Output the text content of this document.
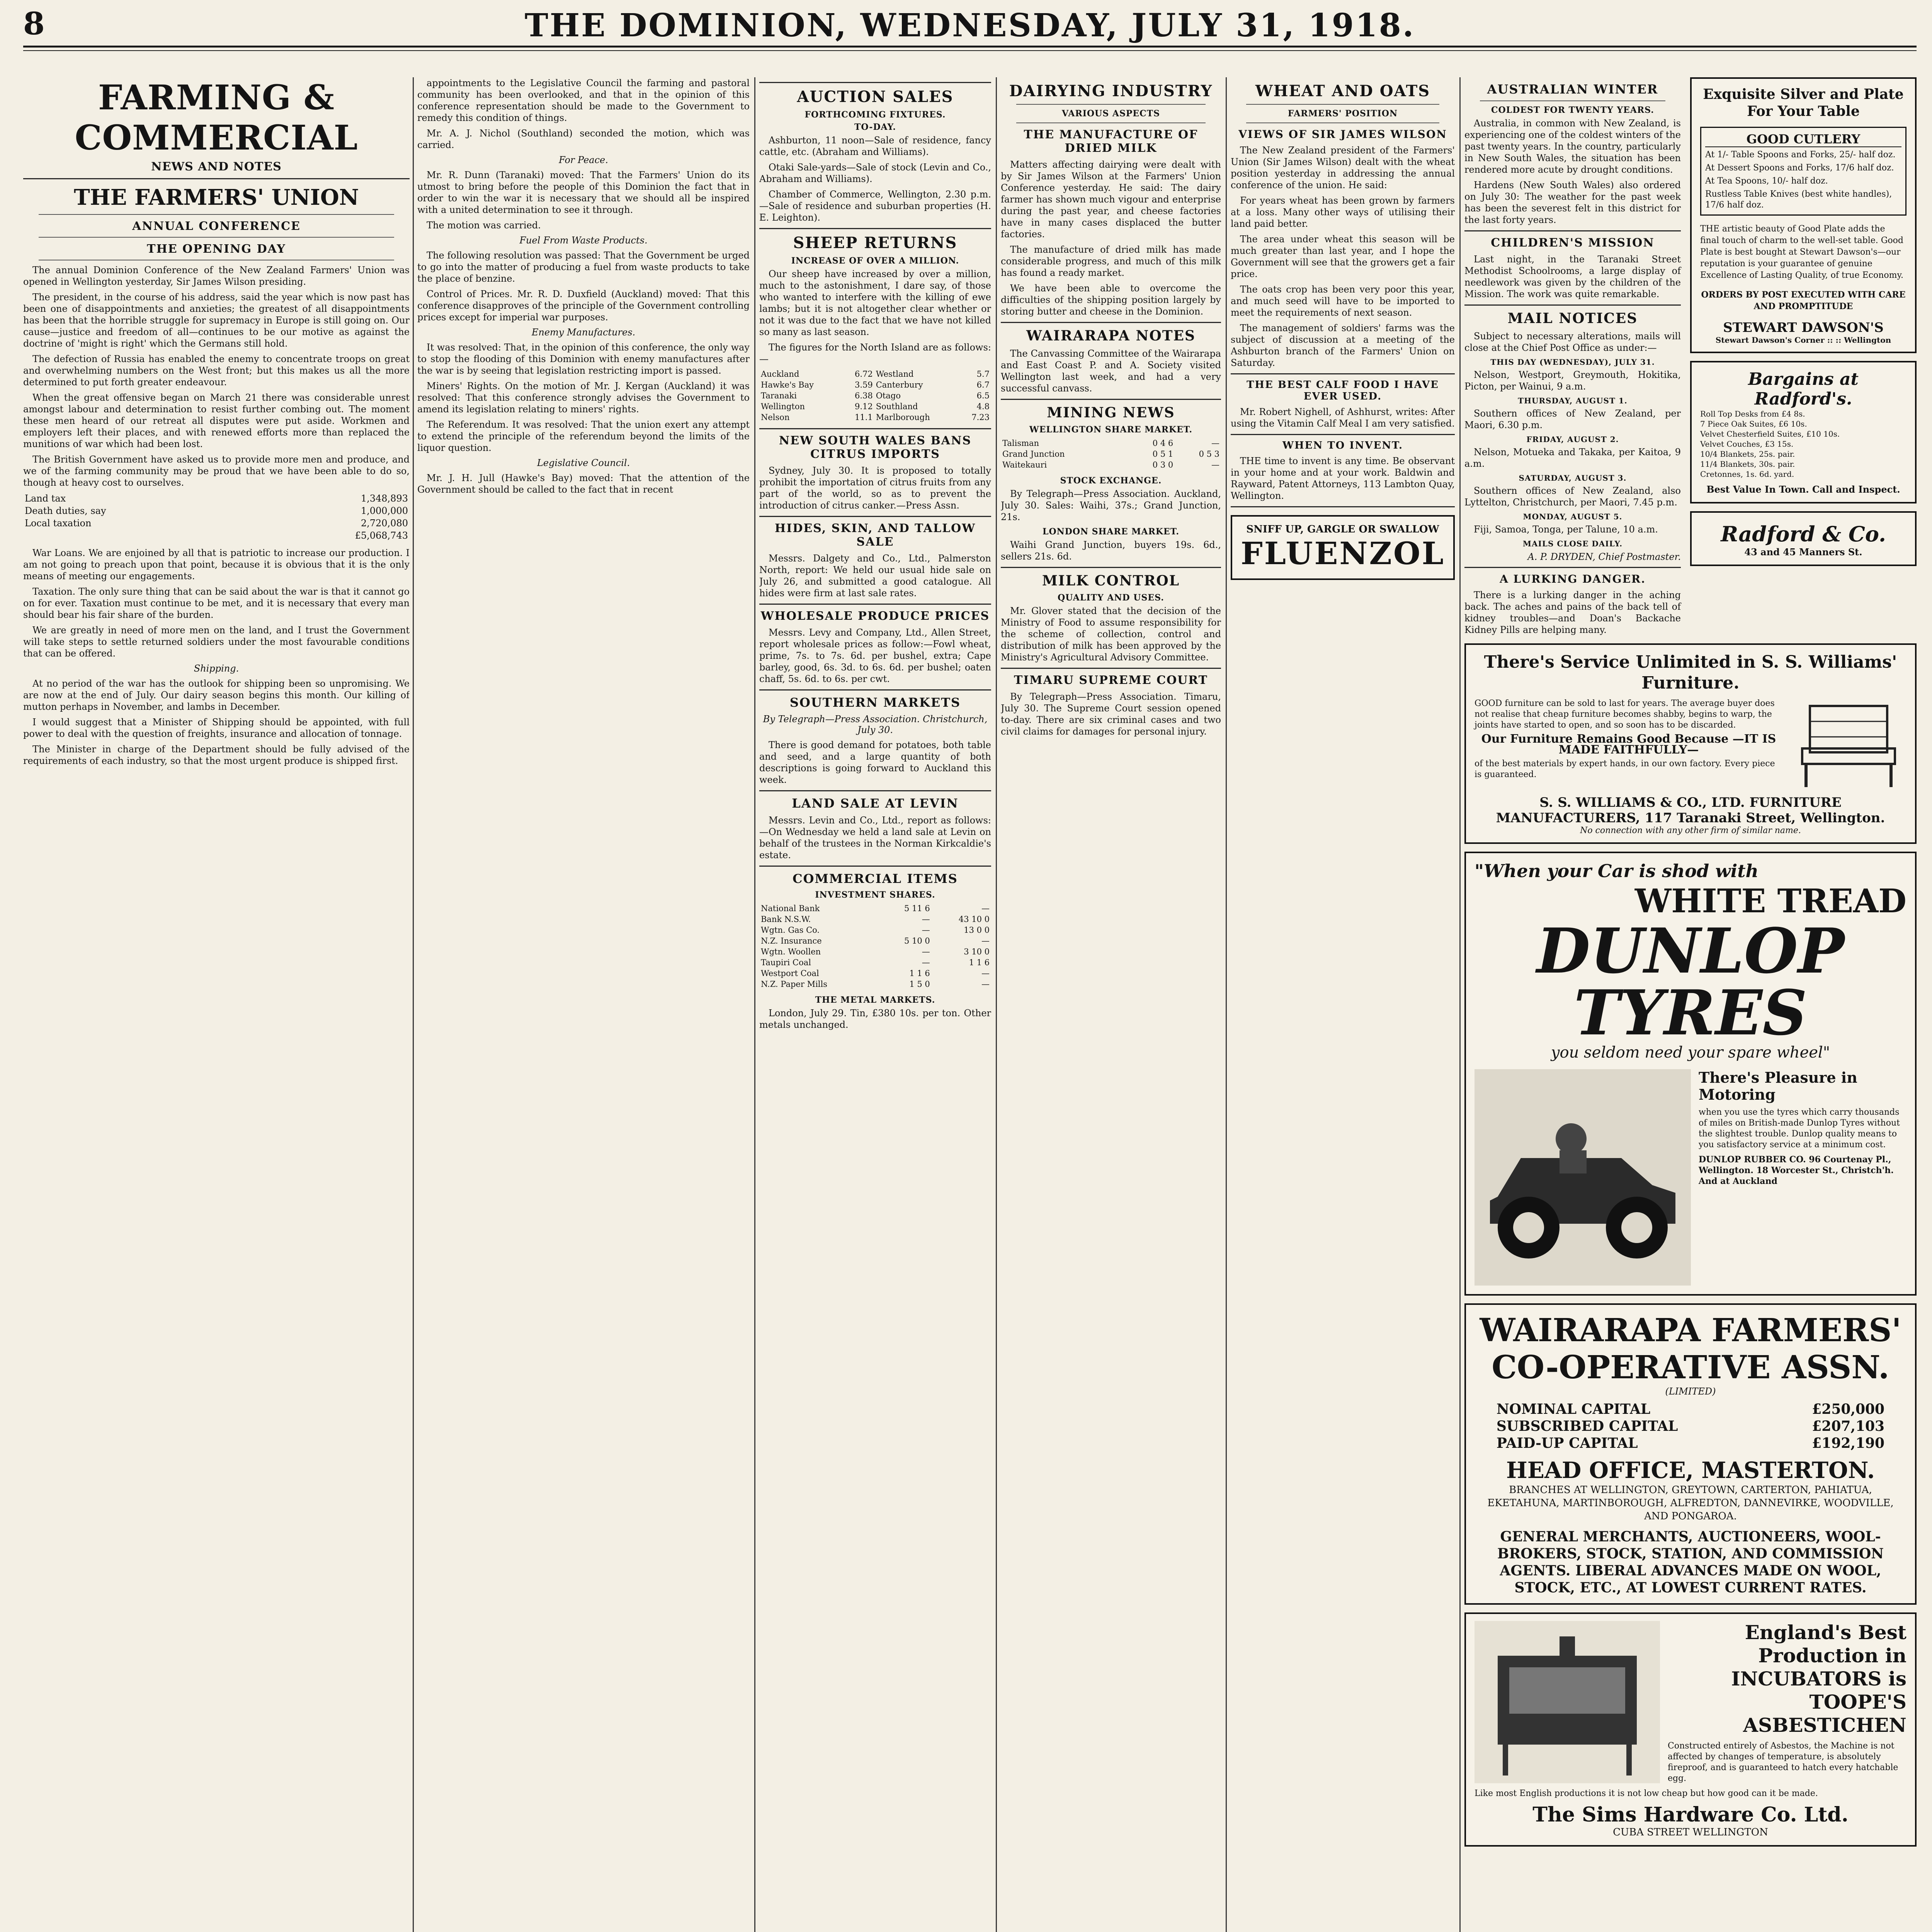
8	THE DOMINION, WEDNESDAY, JULY 31, 1918.
FARMING & COMMERCIAL
NEWS AND NOTES
THE FARMERS' UNION
ANNUAL CONFERENCE
THE OPENING DAY

The annual Dominion Conference of the New Zealand Farmers' Union was opened in Wellington yesterday, Sir James Wilson presiding.

The president, in the course of his address, said the year which is now past has been one of disappointments and anxieties; the greatest of all disappointments has been that the horrible struggle for supremacy in Europe is still going on. Our cause—justice and freedom of all—continues to be our motive as against the doctrine of 'might is right' which the Germans still hold.

The defection of Russia has enabled the enemy to concentrate troops on great and overwhelming numbers on the West front; but this makes us all the more determined to put forth greater endeavour.

When the great offensive began on March 21 there was considerable unrest amongst labour and determination to resist further combing out. The moment these men heard of our retreat all disputes were put aside. Workmen and employers left their places, and with renewed efforts more than replaced the munitions of war which had been lost.

The British Government have asked us to provide more men and produce, and we of the farming community may be proud that we have been able to do so, though at heavy cost to ourselves.

Land tax	1,348,893
Death duties, say	1,000,000
Local taxation	2,720,080
	£5,068,743

War Loans. We are enjoined by all that is patriotic to increase our production. I am not going to preach upon that point, because it is obvious that it is the only means of meeting our engagements.

Taxation. The only sure thing that can be said about the war is that it cannot go on for ever. Taxation must continue to be met, and it is necessary that every man should bear his fair share of the burden.

We are greatly in need of more men on the land, and I trust the Government will take steps to settle returned soldiers under the most favourable conditions that can be offered.

Shipping.

At no period of the war has the outlook for shipping been so unpromising. We are now at the end of July. Our dairy season begins this month. Our killing of mutton perhaps in November, and lambs in December.

I would suggest that a Minister of Shipping should be appointed, with full power to deal with the question of freights, insurance and allocation of tonnage.

The Minister in charge of the Department should be fully advised of the requirements of each industry, so that the most urgent produce is shipped first.

appointments to the Legislative Council the farming and pastoral community has been overlooked, and that in the opinion of this conference representation should be made to the Government to remedy this condition of things.

Mr. A. J. Nichol (Southland) seconded the motion, which was carried.

For Peace.

Mr. R. Dunn (Taranaki) moved: That the Farmers' Union do its utmost to bring before the people of this Dominion the fact that in order to win the war it is necessary that we should all be inspired with a united determination to see it through.

The motion was carried.

Fuel From Waste Products.

The following resolution was passed: That the Government be urged to go into the matter of producing a fuel from waste products to take the place of benzine.

Control of Prices. Mr. R. D. Duxfield (Auckland) moved: That this conference disapproves of the principle of the Government controlling prices except for imperial war purposes.

Enemy Manufactures.

It was resolved: That, in the opinion of this conference, the only way to stop the flooding of this Dominion with enemy manufactures after the war is by seeing that legislation restricting import is passed.

Miners' Rights. On the motion of Mr. J. Kergan (Auckland) it was resolved: That this conference strongly advises the Government to amend its legislation relating to miners' rights.

The Referendum. It was resolved: That the union exert any attempt to extend the principle of the referendum beyond the limits of the liquor question.

Legislative Council.

Mr. J. H. Jull (Hawke's Bay) moved: That the attention of the Government should be called to the fact that in recent

AUCTION SALES
FORTHCOMING FIXTURES.
TO-DAY.

Ashburton, 11 noon—Sale of residence, fancy cattle, etc. (Abraham and Williams).

Otaki Sale-yards—Sale of stock (Levin and Co., Abraham and Williams).

Chamber of Commerce, Wellington, 2.30 p.m.—Sale of residence and suburban properties (H. E. Leighton).

SHEEP RETURNS
INCREASE OF OVER A MILLION.

Our sheep have increased by over a million, much to the astonishment, I dare say, of those who wanted to interfere with the killing of ewe lambs; but it is not altogether clear whether or not it was due to the fact that we have not killed so many as last season.

The figures for the North Island are as follows:—

Auckland	6.72	Westland	5.7
Hawke's Bay	3.59	Canterbury	6.7
Taranaki	6.38	Otago	6.5
Wellington	9.12	Southland	4.8
Nelson	11.1	Marlborough	7.23
NEW SOUTH WALES BANS CITRUS IMPORTS

Sydney, July 30. It is proposed to totally prohibit the importation of citrus fruits from any part of the world, so as to prevent the introduction of citrus canker.—Press Assn.

HIDES, SKIN, AND TALLOW SALE

Messrs. Dalgety and Co., Ltd., Palmerston North, report: We held our usual hide sale on July 26, and submitted a good catalogue. All hides were firm at last sale rates.

WHOLESALE PRODUCE PRICES

Messrs. Levy and Company, Ltd., Allen Street, report wholesale prices as follow:—Fowl wheat, prime, 7s. to 7s. 6d. per bushel, extra; Cape barley, good, 6s. 3d. to 6s. 6d. per bushel; oaten chaff, 5s. 6d. to 6s. per cwt.

SOUTHERN MARKETS
By Telegraph—Press Association. Christchurch, July 30.

There is good demand for potatoes, both table and seed, and a large quantity of both descriptions is going forward to Auckland this week.

LAND SALE AT LEVIN

Messrs. Levin and Co., Ltd., report as follows:—On Wednesday we held a land sale at Levin on behalf of the trustees in the Norman Kirkcaldie's estate.

COMMERCIAL ITEMS
INVESTMENT SHARES.
National Bank	5 11 6	—
Bank N.S.W.	—	43 10 0
Wgtn. Gas Co.	—	13 0 0
N.Z. Insurance	5 10 0	—
Wgtn. Woollen	—	3 10 0
Taupiri Coal	—	1 1 6
Westport Coal	1 1 6	—
N.Z. Paper Mills	1 5 0	—
THE METAL MARKETS.

London, July 29. Tin, £380 10s. per ton. Other metals unchanged.

DAIRYING INDUSTRY
VARIOUS ASPECTS
THE MANUFACTURE OF DRIED MILK

Matters affecting dairying were dealt with by Sir James Wilson at the Farmers' Union Conference yesterday. He said: The dairy farmer has shown much vigour and enterprise during the past year, and cheese factories have in many cases displaced the butter factories.

The manufacture of dried milk has made considerable progress, and much of this milk has found a ready market.

We have been able to overcome the difficulties of the shipping position largely by storing butter and cheese in the Dominion.

WAIRARAPA NOTES

The Canvassing Committee of the Wairarapa and East Coast P. and A. Society visited Wellington last week, and had a very successful canvass.

MINING NEWS
WELLINGTON SHARE MARKET.
Talisman	0 4 6	—
Grand Junction	0 5 1	0 5 3
Waitekauri	0 3 0	—
STOCK EXCHANGE.

By Telegraph—Press Association. Auckland, July 30. Sales: Waihi, 37s.; Grand Junction, 21s.

LONDON SHARE MARKET.

Waihi Grand Junction, buyers 19s. 6d., sellers 21s. 6d.

MILK CONTROL
QUALITY AND USES.

Mr. Glover stated that the decision of the Ministry of Food to assume responsibility for the scheme of collection, control and distribution of milk has been approved by the Ministry's Agricultural Advisory Committee.

TIMARU SUPREME COURT

By Telegraph—Press Association. Timaru, July 30. The Supreme Court session opened to-day. There are six criminal cases and two civil claims for damages for personal injury.

WHEAT AND OATS
FARMERS' POSITION
VIEWS OF SIR JAMES WILSON

The New Zealand president of the Farmers' Union (Sir James Wilson) dealt with the wheat position yesterday in addressing the annual conference of the union. He said:

For years wheat has been grown by farmers at a loss. Many other ways of utilising their land paid better.

The area under wheat this season will be much greater than last year, and I hope the Government will see that the growers get a fair price.

The oats crop has been very poor this year, and much seed will have to be imported to meet the requirements of next season.

The management of soldiers' farms was the subject of discussion at a meeting of the Ashburton branch of the Farmers' Union on Saturday.

THE BEST CALF FOOD I HAVE EVER USED.

Mr. Robert Nighell, of Ashhurst, writes: After using the Vitamin Calf Meal I am very satisfied.

WHEN TO INVENT.

THE time to invent is any time. Be observant in your home and at your work. Baldwin and Rayward, Patent Attorneys, 113 Lambton Quay, Wellington.

SNIFF UP, GARGLE OR SWALLOW
FLUENZOL
AUSTRALIAN WINTER
COLDEST FOR TWENTY YEARS.

Australia, in common with New Zealand, is experiencing one of the coldest winters of the past twenty years. In the country, particularly in New South Wales, the situation has been rendered more acute by drought conditions.

Hardens (New South Wales) also ordered on July 30: The weather for the past week has been the severest felt in this district for the last forty years.

CHILDREN'S MISSION

Last night, in the Taranaki Street Methodist Schoolrooms, a large display of needlework was given by the children of the Mission. The work was quite remarkable.

MAIL NOTICES

Subject to necessary alterations, mails will close at the Chief Post Office as under:—

THIS DAY (WEDNESDAY), JULY 31.

Nelson, Westport, Greymouth, Hokitika, Picton, per Wainui, 9 a.m.

THURSDAY, AUGUST 1.

Southern offices of New Zealand, per Maori, 6.30 p.m.

FRIDAY, AUGUST 2.

Nelson, Motueka and Takaka, per Kaitoa, 9 a.m.

SATURDAY, AUGUST 3.

Southern offices of New Zealand, also Lyttelton, Christchurch, per Maori, 7.45 p.m.

MONDAY, AUGUST 5.

Fiji, Samoa, Tonga, per Talune, 10 a.m.

MAILS CLOSE DAILY.
A. P. DRYDEN, Chief Postmaster.
A LURKING DANGER.

There is a lurking danger in the aching back. The aches and pains of the back tell of kidney troubles—and Doan's Backache Kidney Pills are helping many.

Exquisite Silver and Plate For Your Table
GOOD CUTLERY
At 1/- Table Spoons and Forks, 25/- half doz.
At Dessert Spoons and Forks, 17/6 half doz.
At Tea Spoons, 10/- half doz.
Rustless Table Knives (best white handles), 17/6 half doz.
THE artistic beauty of Good Plate adds the final touch of charm to the well-set table. Good Plate is best bought at Stewart Dawson's—our reputation is your guarantee of genuine Excellence of Lasting Quality, of true Economy.
ORDERS BY POST EXECUTED WITH CARE AND PROMPTITUDE
STEWART DAWSON'S
Stewart Dawson's Corner :: :: Wellington
Bargains at Radford's.
Roll Top Desks from £4 8s.
7 Piece Oak Suites, £6 10s.
Velvet Chesterfield Suites, £10 10s.
Velvet Couches, £3 15s.
10/4 Blankets, 25s. pair.
11/4 Blankets, 30s. pair.
Cretonnes, 1s. 6d. yard.
Best Value In Town. Call and Inspect.
Radford & Co.
43 and 45 Manners St.
There's Service Unlimited in S. S. Williams' Furniture.
GOOD furniture can be sold to last for years. The average buyer does not realise that cheap furniture becomes shabby, begins to warp, the joints have started to open, and so soon has to be discarded.
Our Furniture Remains Good Because —IT IS MADE FAITHFULLY—
of the best materials by expert hands, in our own factory. Every piece is guaranteed.
S. S. WILLIAMS & CO., LTD. FURNITURE MANUFACTURERS, 117 Taranaki Street, Wellington.
No connection with any other firm of similar name.
"When your Car is shod with
WHITE TREAD
DUNLOP TYRES
you seldom need your spare wheel"
There's Pleasure in Motoring
when you use the tyres which carry thousands of miles on British-made Dunlop Tyres without the slightest trouble. Dunlop quality means to you satisfactory service at a minimum cost.
DUNLOP RUBBER CO. 96 Courtenay Pl., Wellington. 18 Worcester St., Christch'h. And at Auckland
WAIRARAPA FARMERS' CO-OPERATIVE ASSN.
(LIMITED)
NOMINAL CAPITAL	£250,000
SUBSCRIBED CAPITAL	£207,103
PAID-UP CAPITAL	£192,190
HEAD OFFICE, MASTERTON.
BRANCHES AT WELLINGTON, GREYTOWN, CARTERTON, PAHIATUA, EKETAHUNA, MARTINBOROUGH, ALFREDTON, DANNEVIRKE, WOODVILLE, AND PONGAROA.
GENERAL MERCHANTS, AUCTIONEERS, WOOL-BROKERS, STOCK, STATION, AND COMMISSION AGENTS. LIBERAL ADVANCES MADE ON WOOL, STOCK, ETC., AT LOWEST CURRENT RATES.
England's Best Production in INCUBATORS is TOOPE'S ASBESTICHEN
Constructed entirely of Asbestos, the Machine is not affected by changes of temperature, is absolutely fireproof, and is guaranteed to hatch every hatchable egg.
Like most English productions it is not low cheap but how good can it be made.
The Sims Hardware Co. Ltd.
CUBA STREET WELLINGTON
